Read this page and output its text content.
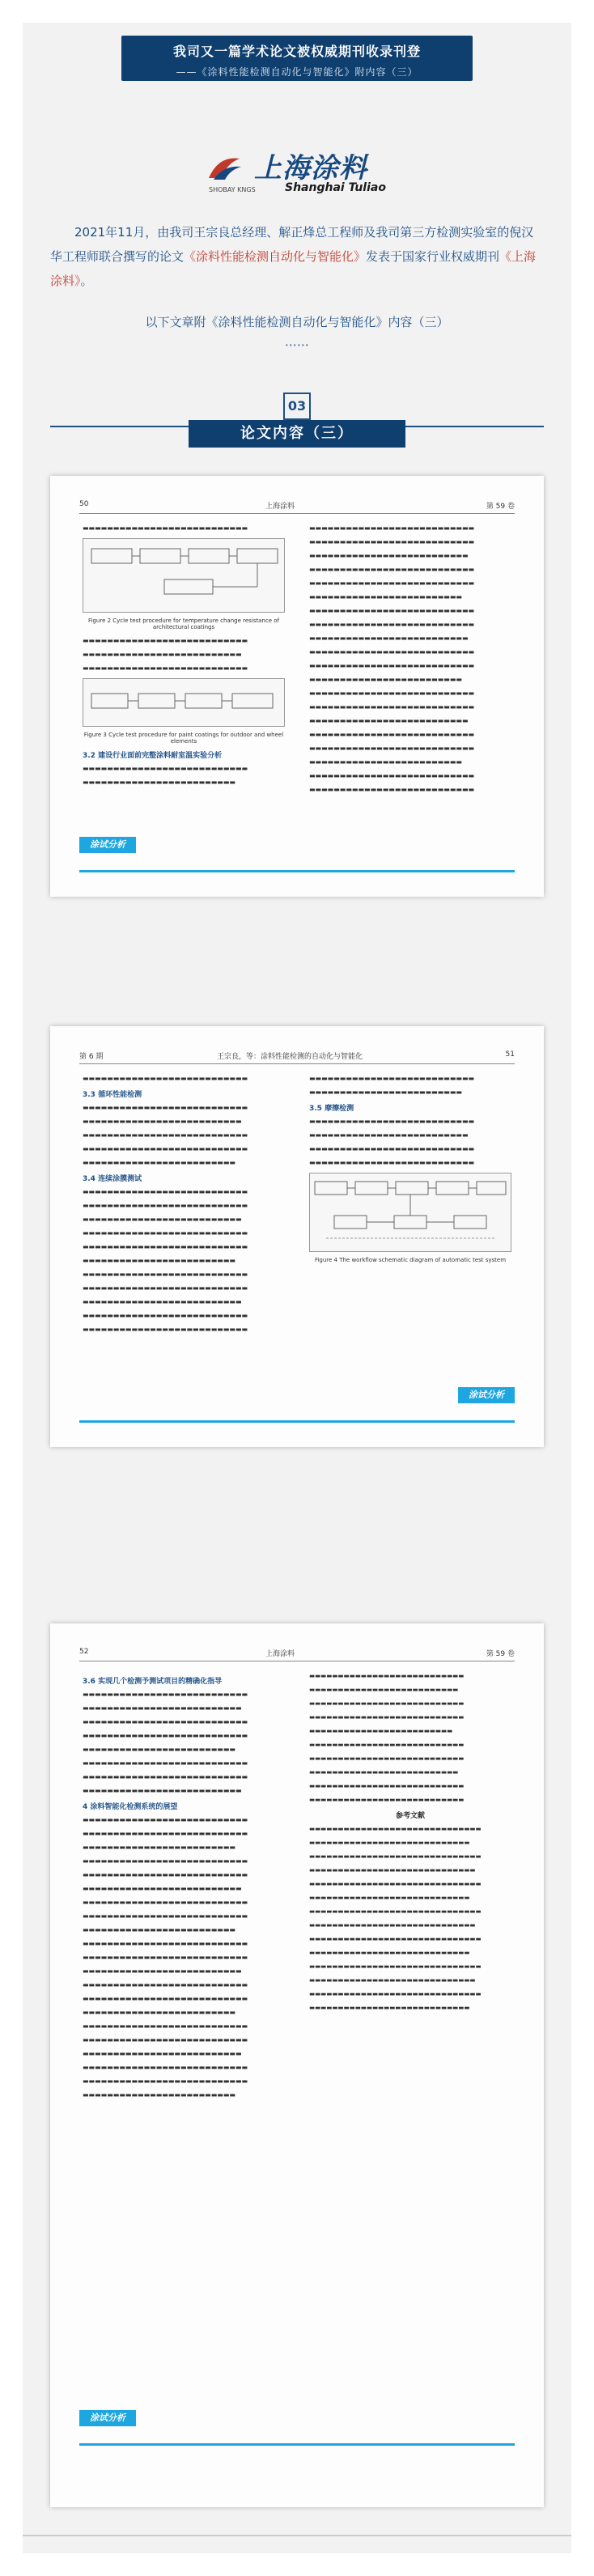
我司又一篇学术论文被权威期刊收录刊登
——《涂料性能检测自动化与智能化》附内容（三）
上海涂料
Shanghai Tuliao
SHOBAY KNGS
2021年11月，由我司王宗良总经理、解正烽总工程师及我司第三方检测实验室的倪汉华工程师联合撰写的论文《涂料性能检测自动化与智能化》发表于国家行业权威期刊《上海涂料》。
以下文章附《涂料性能检测自动化与智能化》内容（三）
⋯⋯
03
论文内容（三）
50	上海涂料	第 59 卷

▬▬▬▬▬▬▬▬▬▬▬▬▬▬▬▬▬▬▬▬▬▬▬▬▬▬▬

Figure 2 Cycle test procedure for temperature change resistance of architectural coatings

▬▬▬▬▬▬▬▬▬▬▬▬▬▬▬▬▬▬▬▬▬▬▬▬▬▬▬

▬▬▬▬▬▬▬▬▬▬▬▬▬▬▬▬▬▬▬▬▬▬▬▬▬▬

▬▬▬▬▬▬▬▬▬▬▬▬▬▬▬▬▬▬▬▬▬▬▬▬▬▬▬

Figure 3 Cycle test procedure for paint coatings for outdoor and wheel elements
3.2 建设行业面前完整涂料耐室温实验分析

▬▬▬▬▬▬▬▬▬▬▬▬▬▬▬▬▬▬▬▬▬▬▬▬▬▬▬

▬▬▬▬▬▬▬▬▬▬▬▬▬▬▬▬▬▬▬▬▬▬▬▬▬

▬▬▬▬▬▬▬▬▬▬▬▬▬▬▬▬▬▬▬▬▬▬▬▬▬▬▬

▬▬▬▬▬▬▬▬▬▬▬▬▬▬▬▬▬▬▬▬▬▬▬▬▬▬▬

▬▬▬▬▬▬▬▬▬▬▬▬▬▬▬▬▬▬▬▬▬▬▬▬▬▬

▬▬▬▬▬▬▬▬▬▬▬▬▬▬▬▬▬▬▬▬▬▬▬▬▬▬▬

▬▬▬▬▬▬▬▬▬▬▬▬▬▬▬▬▬▬▬▬▬▬▬▬▬▬▬

▬▬▬▬▬▬▬▬▬▬▬▬▬▬▬▬▬▬▬▬▬▬▬▬▬

▬▬▬▬▬▬▬▬▬▬▬▬▬▬▬▬▬▬▬▬▬▬▬▬▬▬▬

▬▬▬▬▬▬▬▬▬▬▬▬▬▬▬▬▬▬▬▬▬▬▬▬▬▬▬

▬▬▬▬▬▬▬▬▬▬▬▬▬▬▬▬▬▬▬▬▬▬▬▬▬▬

▬▬▬▬▬▬▬▬▬▬▬▬▬▬▬▬▬▬▬▬▬▬▬▬▬▬▬

▬▬▬▬▬▬▬▬▬▬▬▬▬▬▬▬▬▬▬▬▬▬▬▬▬▬▬

▬▬▬▬▬▬▬▬▬▬▬▬▬▬▬▬▬▬▬▬▬▬▬▬▬

▬▬▬▬▬▬▬▬▬▬▬▬▬▬▬▬▬▬▬▬▬▬▬▬▬▬▬

▬▬▬▬▬▬▬▬▬▬▬▬▬▬▬▬▬▬▬▬▬▬▬▬▬▬▬

▬▬▬▬▬▬▬▬▬▬▬▬▬▬▬▬▬▬▬▬▬▬▬▬▬▬

▬▬▬▬▬▬▬▬▬▬▬▬▬▬▬▬▬▬▬▬▬▬▬▬▬▬▬

▬▬▬▬▬▬▬▬▬▬▬▬▬▬▬▬▬▬▬▬▬▬▬▬▬▬▬

▬▬▬▬▬▬▬▬▬▬▬▬▬▬▬▬▬▬▬▬▬▬▬▬▬

▬▬▬▬▬▬▬▬▬▬▬▬▬▬▬▬▬▬▬▬▬▬▬▬▬▬▬

▬▬▬▬▬▬▬▬▬▬▬▬▬▬▬▬▬▬▬▬▬▬▬▬▬▬▬

涂试分析
第 6 期	王宗良，等：涂料性能检测的自动化与智能化	51

▬▬▬▬▬▬▬▬▬▬▬▬▬▬▬▬▬▬▬▬▬▬▬▬▬▬▬

3.3 循环性能检测

▬▬▬▬▬▬▬▬▬▬▬▬▬▬▬▬▬▬▬▬▬▬▬▬▬▬▬

▬▬▬▬▬▬▬▬▬▬▬▬▬▬▬▬▬▬▬▬▬▬▬▬▬▬

▬▬▬▬▬▬▬▬▬▬▬▬▬▬▬▬▬▬▬▬▬▬▬▬▬▬▬

▬▬▬▬▬▬▬▬▬▬▬▬▬▬▬▬▬▬▬▬▬▬▬▬▬▬▬

▬▬▬▬▬▬▬▬▬▬▬▬▬▬▬▬▬▬▬▬▬▬▬▬▬

3.4 连续涂膜测试

▬▬▬▬▬▬▬▬▬▬▬▬▬▬▬▬▬▬▬▬▬▬▬▬▬▬▬

▬▬▬▬▬▬▬▬▬▬▬▬▬▬▬▬▬▬▬▬▬▬▬▬▬▬▬

▬▬▬▬▬▬▬▬▬▬▬▬▬▬▬▬▬▬▬▬▬▬▬▬▬▬

▬▬▬▬▬▬▬▬▬▬▬▬▬▬▬▬▬▬▬▬▬▬▬▬▬▬▬

▬▬▬▬▬▬▬▬▬▬▬▬▬▬▬▬▬▬▬▬▬▬▬▬▬▬▬

▬▬▬▬▬▬▬▬▬▬▬▬▬▬▬▬▬▬▬▬▬▬▬▬▬

▬▬▬▬▬▬▬▬▬▬▬▬▬▬▬▬▬▬▬▬▬▬▬▬▬▬▬

▬▬▬▬▬▬▬▬▬▬▬▬▬▬▬▬▬▬▬▬▬▬▬▬▬▬▬

▬▬▬▬▬▬▬▬▬▬▬▬▬▬▬▬▬▬▬▬▬▬▬▬▬▬

▬▬▬▬▬▬▬▬▬▬▬▬▬▬▬▬▬▬▬▬▬▬▬▬▬▬▬

▬▬▬▬▬▬▬▬▬▬▬▬▬▬▬▬▬▬▬▬▬▬▬▬▬▬▬

▬▬▬▬▬▬▬▬▬▬▬▬▬▬▬▬▬▬▬▬▬▬▬▬▬▬▬

▬▬▬▬▬▬▬▬▬▬▬▬▬▬▬▬▬▬▬▬▬▬▬▬▬

3.5 摩擦检测

▬▬▬▬▬▬▬▬▬▬▬▬▬▬▬▬▬▬▬▬▬▬▬▬▬▬▬

▬▬▬▬▬▬▬▬▬▬▬▬▬▬▬▬▬▬▬▬▬▬▬▬▬▬

▬▬▬▬▬▬▬▬▬▬▬▬▬▬▬▬▬▬▬▬▬▬▬▬▬▬▬

▬▬▬▬▬▬▬▬▬▬▬▬▬▬▬▬▬▬▬▬▬▬▬▬▬▬▬

Figure 4 The workflow schematic diagram of automatic test system
涂试分析
52	上海涂料	第 59 卷
3.6 实现几个检测予测试项目的精确化指导

▬▬▬▬▬▬▬▬▬▬▬▬▬▬▬▬▬▬▬▬▬▬▬▬▬▬▬

▬▬▬▬▬▬▬▬▬▬▬▬▬▬▬▬▬▬▬▬▬▬▬▬▬▬

▬▬▬▬▬▬▬▬▬▬▬▬▬▬▬▬▬▬▬▬▬▬▬▬▬▬▬

▬▬▬▬▬▬▬▬▬▬▬▬▬▬▬▬▬▬▬▬▬▬▬▬▬▬▬

▬▬▬▬▬▬▬▬▬▬▬▬▬▬▬▬▬▬▬▬▬▬▬▬▬

▬▬▬▬▬▬▬▬▬▬▬▬▬▬▬▬▬▬▬▬▬▬▬▬▬▬▬

▬▬▬▬▬▬▬▬▬▬▬▬▬▬▬▬▬▬▬▬▬▬▬▬▬▬▬

▬▬▬▬▬▬▬▬▬▬▬▬▬▬▬▬▬▬▬▬▬▬▬▬▬▬

4 涂料智能化检测系统的展望

▬▬▬▬▬▬▬▬▬▬▬▬▬▬▬▬▬▬▬▬▬▬▬▬▬▬▬

▬▬▬▬▬▬▬▬▬▬▬▬▬▬▬▬▬▬▬▬▬▬▬▬▬▬▬

▬▬▬▬▬▬▬▬▬▬▬▬▬▬▬▬▬▬▬▬▬▬▬▬▬

▬▬▬▬▬▬▬▬▬▬▬▬▬▬▬▬▬▬▬▬▬▬▬▬▬▬▬

▬▬▬▬▬▬▬▬▬▬▬▬▬▬▬▬▬▬▬▬▬▬▬▬▬▬▬

▬▬▬▬▬▬▬▬▬▬▬▬▬▬▬▬▬▬▬▬▬▬▬▬▬▬

▬▬▬▬▬▬▬▬▬▬▬▬▬▬▬▬▬▬▬▬▬▬▬▬▬▬▬

▬▬▬▬▬▬▬▬▬▬▬▬▬▬▬▬▬▬▬▬▬▬▬▬▬▬▬

▬▬▬▬▬▬▬▬▬▬▬▬▬▬▬▬▬▬▬▬▬▬▬▬▬

▬▬▬▬▬▬▬▬▬▬▬▬▬▬▬▬▬▬▬▬▬▬▬▬▬▬▬

▬▬▬▬▬▬▬▬▬▬▬▬▬▬▬▬▬▬▬▬▬▬▬▬▬▬▬

▬▬▬▬▬▬▬▬▬▬▬▬▬▬▬▬▬▬▬▬▬▬▬▬▬▬

▬▬▬▬▬▬▬▬▬▬▬▬▬▬▬▬▬▬▬▬▬▬▬▬▬▬▬

▬▬▬▬▬▬▬▬▬▬▬▬▬▬▬▬▬▬▬▬▬▬▬▬▬▬▬

▬▬▬▬▬▬▬▬▬▬▬▬▬▬▬▬▬▬▬▬▬▬▬▬▬

▬▬▬▬▬▬▬▬▬▬▬▬▬▬▬▬▬▬▬▬▬▬▬▬▬▬▬

▬▬▬▬▬▬▬▬▬▬▬▬▬▬▬▬▬▬▬▬▬▬▬▬▬▬▬

▬▬▬▬▬▬▬▬▬▬▬▬▬▬▬▬▬▬▬▬▬▬▬▬▬▬

▬▬▬▬▬▬▬▬▬▬▬▬▬▬▬▬▬▬▬▬▬▬▬▬▬▬▬

▬▬▬▬▬▬▬▬▬▬▬▬▬▬▬▬▬▬▬▬▬▬▬▬▬▬▬

▬▬▬▬▬▬▬▬▬▬▬▬▬▬▬▬▬▬▬▬▬▬▬▬▬

▬▬▬▬▬▬▬▬▬▬▬▬▬▬▬▬▬▬▬▬▬▬▬▬▬▬▬

▬▬▬▬▬▬▬▬▬▬▬▬▬▬▬▬▬▬▬▬▬▬▬▬▬▬

▬▬▬▬▬▬▬▬▬▬▬▬▬▬▬▬▬▬▬▬▬▬▬▬▬▬▬

▬▬▬▬▬▬▬▬▬▬▬▬▬▬▬▬▬▬▬▬▬▬▬▬▬▬▬

▬▬▬▬▬▬▬▬▬▬▬▬▬▬▬▬▬▬▬▬▬▬▬▬▬

▬▬▬▬▬▬▬▬▬▬▬▬▬▬▬▬▬▬▬▬▬▬▬▬▬▬▬

▬▬▬▬▬▬▬▬▬▬▬▬▬▬▬▬▬▬▬▬▬▬▬▬▬▬▬

▬▬▬▬▬▬▬▬▬▬▬▬▬▬▬▬▬▬▬▬▬▬▬▬▬▬

▬▬▬▬▬▬▬▬▬▬▬▬▬▬▬▬▬▬▬▬▬▬▬▬▬▬▬

▬▬▬▬▬▬▬▬▬▬▬▬▬▬▬▬▬▬▬▬▬▬▬▬▬▬▬

参考文献

▬▬▬▬▬▬▬▬▬▬▬▬▬▬▬▬▬▬▬▬▬▬▬▬▬▬▬▬▬▬

▬▬▬▬▬▬▬▬▬▬▬▬▬▬▬▬▬▬▬▬▬▬▬▬▬▬▬▬

▬▬▬▬▬▬▬▬▬▬▬▬▬▬▬▬▬▬▬▬▬▬▬▬▬▬▬▬▬▬

▬▬▬▬▬▬▬▬▬▬▬▬▬▬▬▬▬▬▬▬▬▬▬▬▬▬▬▬▬

▬▬▬▬▬▬▬▬▬▬▬▬▬▬▬▬▬▬▬▬▬▬▬▬▬▬▬▬▬▬

▬▬▬▬▬▬▬▬▬▬▬▬▬▬▬▬▬▬▬▬▬▬▬▬▬▬▬▬

▬▬▬▬▬▬▬▬▬▬▬▬▬▬▬▬▬▬▬▬▬▬▬▬▬▬▬▬▬▬

▬▬▬▬▬▬▬▬▬▬▬▬▬▬▬▬▬▬▬▬▬▬▬▬▬▬▬▬▬

▬▬▬▬▬▬▬▬▬▬▬▬▬▬▬▬▬▬▬▬▬▬▬▬▬▬▬▬▬▬

▬▬▬▬▬▬▬▬▬▬▬▬▬▬▬▬▬▬▬▬▬▬▬▬▬▬▬▬

▬▬▬▬▬▬▬▬▬▬▬▬▬▬▬▬▬▬▬▬▬▬▬▬▬▬▬▬▬▬

▬▬▬▬▬▬▬▬▬▬▬▬▬▬▬▬▬▬▬▬▬▬▬▬▬▬▬▬▬

▬▬▬▬▬▬▬▬▬▬▬▬▬▬▬▬▬▬▬▬▬▬▬▬▬▬▬▬▬▬

▬▬▬▬▬▬▬▬▬▬▬▬▬▬▬▬▬▬▬▬▬▬▬▬▬▬▬▬

涂试分析
